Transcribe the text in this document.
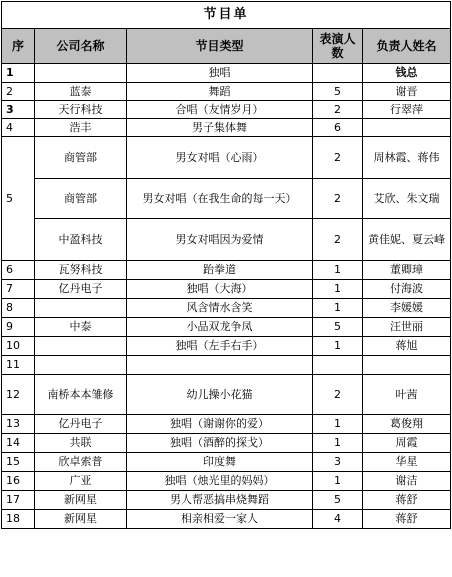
节目单				
序	公司名称	节目类型	表演人数	负责人姓名
1		独唱		钱总
2	蓝泰	舞蹈	5	谢晋
3	天行科技	合唱（友情岁月）	2	行翠萍
4	浩丰	男子集体舞	6	
5	商管部	男女对唱（心雨）	2	周林霞、蒋伟
	商管部	男女对唱（在我生命的每一天）	2	艾欣、朱文瑞
	中盈科技	男女对唱因为爱情	2	黄佳妮、夏云峰
6	瓦努科技	跆拳道	1	董卿璋
7	亿丹电子	独唱（大海）	1	付海波
8		风含情水含笑	1	李媛媛
9	中泰	小品双龙争凤	5	汪世丽
10		独唱（左手右手）	1	蒋旭
11				
12	南桥本本雏修	幼儿操小花猫	2	叶茜
13	亿丹电子	独唱（谢谢你的爱）	1	葛俊翔
14	共联	独唱（酒醉的探戈）	1	周霞
15	欣卓索普	印度舞	3	华星
16	广亚	独唱（烛光里的妈妈）	1	谢洁
17	新网星	男人帮恶搞串烧舞蹈	5	蒋舒
18	新网星	相亲相爱一家人	4	蒋舒
